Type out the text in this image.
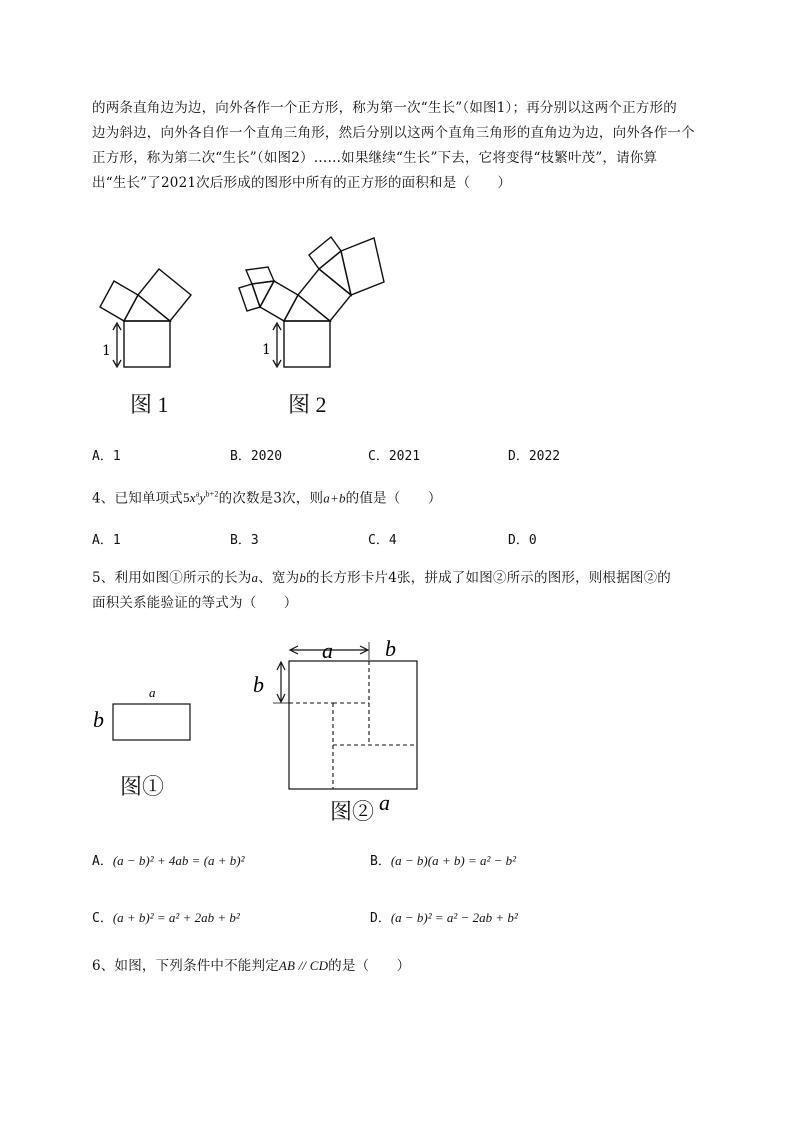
的两条直角边为边，向外各作一个正方形，称为第一次“生长”（如图1）；再分别以这两个正方形的
边为斜边，向外各自作一个直角三角形，然后分别以这两个直角三角形的直角边为边，向外各作一个
正方形，称为第二次“生长”（如图2）……如果继续“生长”下去，它将变得“枝繁叶茂”，请你算
出“生长”了2021次后形成的图形中所有的正方形的面积和是（　　）
1
图 1
1
图 2
A．1	B．2020	C．2021	D．2022
4、已知单项式$5x^ay^{b+2}$的次数是3次，则a+b的值是（　　）
A．1	B．3	C．4	D．0
5、利用如图①所示的长为a、宽为b的长方形卡片4张，拼成了如图②所示的图形，则根据图②的
面积关系能验证的等式为（　　）
a
b
图①
a b
b
a
图②
A．(a − b)² + 4ab = (a + b)²	B．(a − b)(a + b) = a² − b²
C．(a + b)² = a² + 2ab + b²	D．(a − b)² = a² − 2ab + b²
6、如图，下列条件中不能判定AB // CD的是（　　）
